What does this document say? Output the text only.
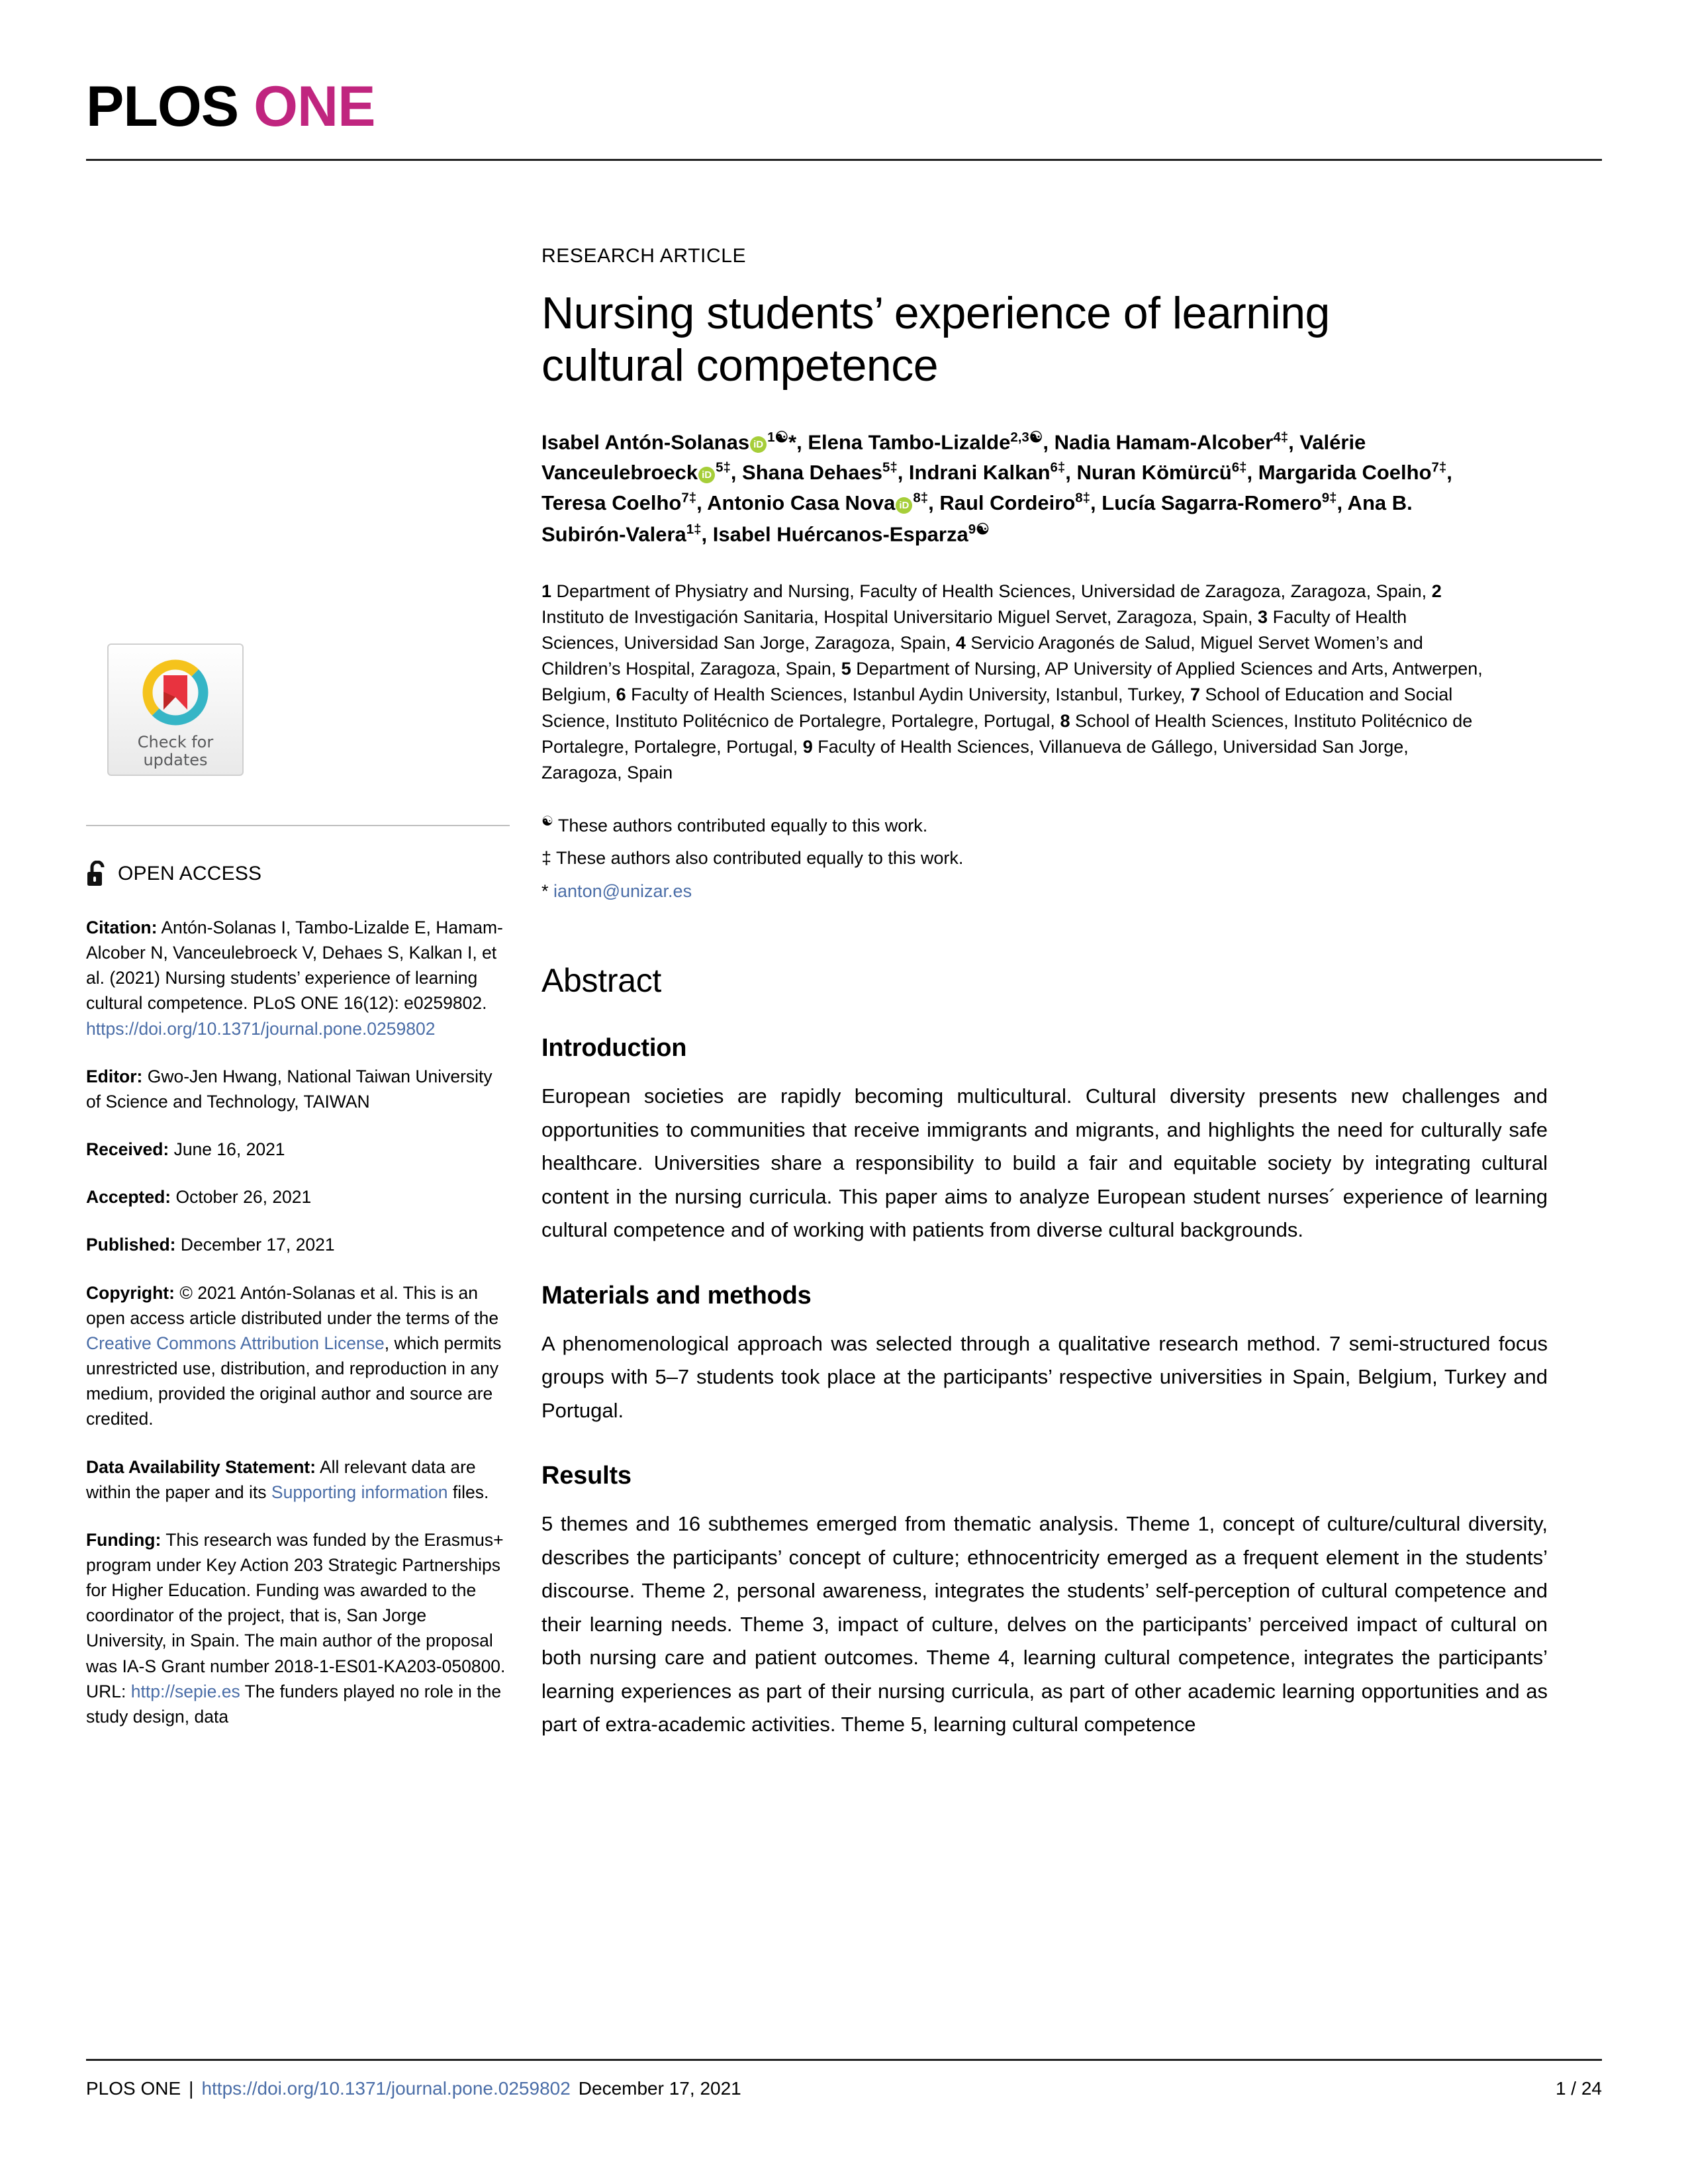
PLOS ONE
Check for
updates
OPEN ACCESS
Citation: Antón-Solanas I, Tambo-Lizalde E, Hamam-Alcober N, Vanceulebroeck V, Dehaes S, Kalkan I, et al. (2021) Nursing students’ experience of learning cultural competence. PLoS ONE 16(12): e0259802. https://doi.org/10.1371/journal.pone.0259802
Editor: Gwo-Jen Hwang, National Taiwan University of Science and Technology, TAIWAN
Received: June 16, 2021
Accepted: October 26, 2021
Published: December 17, 2021
Copyright: © 2021 Antón-Solanas et al. This is an open access article distributed under the terms of the Creative Commons Attribution License, which permits unrestricted use, distribution, and reproduction in any medium, provided the original author and source are credited.
Data Availability Statement: All relevant data are within the paper and its Supporting information files.
Funding: This research was funded by the Erasmus+ program under Key Action 203 Strategic Partnerships for Higher Education. Funding was awarded to the coordinator of the project, that is, San Jorge University, in Spain. The main author of the proposal was IA-S Grant number 2018-1-ES01-KA203-050800. URL: http://sepie.es The funders played no role in the study design, data
RESEARCH ARTICLE
Nursing students’ experience of learning cultural competence
Isabel Antón-Solanas iD $^{1☯}$*, Elena Tambo-Lizalde$^{2,3☯}$, Nadia Hamam-Alcober$^{4\ddagger}$, Valérie Vanceulebroeck iD $^{5\ddagger}$, Shana Dehaes$^{5\ddagger}$, Indrani Kalkan$^{6\ddagger}$, Nuran Kömürcü$^{6\ddagger}$, Margarida Coelho$^{7\ddagger}$, Teresa Coelho$^{7\ddagger}$, Antonio Casa Nova iD $^{8\ddagger}$, Raul Cordeiro$^{8\ddagger}$, Lucía Sagarra-Romero$^{9\ddagger}$, Ana B. Subirón-Valera$^{1\ddagger}$, Isabel Huércanos-Esparza$^{9☯}$
1 Department of Physiatry and Nursing, Faculty of Health Sciences, Universidad de Zaragoza, Zaragoza, Spain, 2 Instituto de Investigación Sanitaria, Hospital Universitario Miguel Servet, Zaragoza, Spain, 3 Faculty of Health Sciences, Universidad San Jorge, Zaragoza, Spain, 4 Servicio Aragonés de Salud, Miguel Servet Women’s and Children’s Hospital, Zaragoza, Spain, 5 Department of Nursing, AP University of Applied Sciences and Arts, Antwerpen, Belgium, 6 Faculty of Health Sciences, Istanbul Aydin University, Istanbul, Turkey, 7 School of Education and Social Science, Instituto Politécnico de Portalegre, Portalegre, Portugal, 8 School of Health Sciences, Instituto Politécnico de Portalegre, Portalegre, Portugal, 9 Faculty of Health Sciences, Villanueva de Gállego, Universidad San Jorge, Zaragoza, Spain
☯ These authors contributed equally to this work.
‡ These authors also contributed equally to this work.
* ianton@unizar.es
Abstract
Introduction

European societies are rapidly becoming multicultural. Cultural diversity presents new challenges and opportunities to communities that receive immigrants and migrants, and highlights the need for culturally safe healthcare. Universities share a responsibility to build a fair and equitable society by integrating cultural content in the nursing curricula. This paper aims to analyze European student nurses´ experience of learning cultural competence and of working with patients from diverse cultural backgrounds.

Materials and methods

A phenomenological approach was selected through a qualitative research method. 7 semi-structured focus groups with 5–7 students took place at the participants’ respective universities in Spain, Belgium, Turkey and Portugal.

Results

5 themes and 16 subthemes emerged from thematic analysis. Theme 1, concept of culture/cultural diversity, describes the participants’ concept of culture; ethnocentricity emerged as a frequent element in the students’ discourse. Theme 2, personal awareness, integrates the students’ self-perception of cultural competence and their learning needs. Theme 3, impact of culture, delves on the participants’ perceived impact of cultural on both nursing care and patient outcomes. Theme 4, learning cultural competence, integrates the participants’ learning experiences as part of their nursing curricula, as part of other academic learning opportunities and as part of extra-academic activities. Theme 5, learning cultural competence

PLOS ONE | https://doi.org/10.1371/journal.pone.0259802 December 17, 2021	1 / 24
